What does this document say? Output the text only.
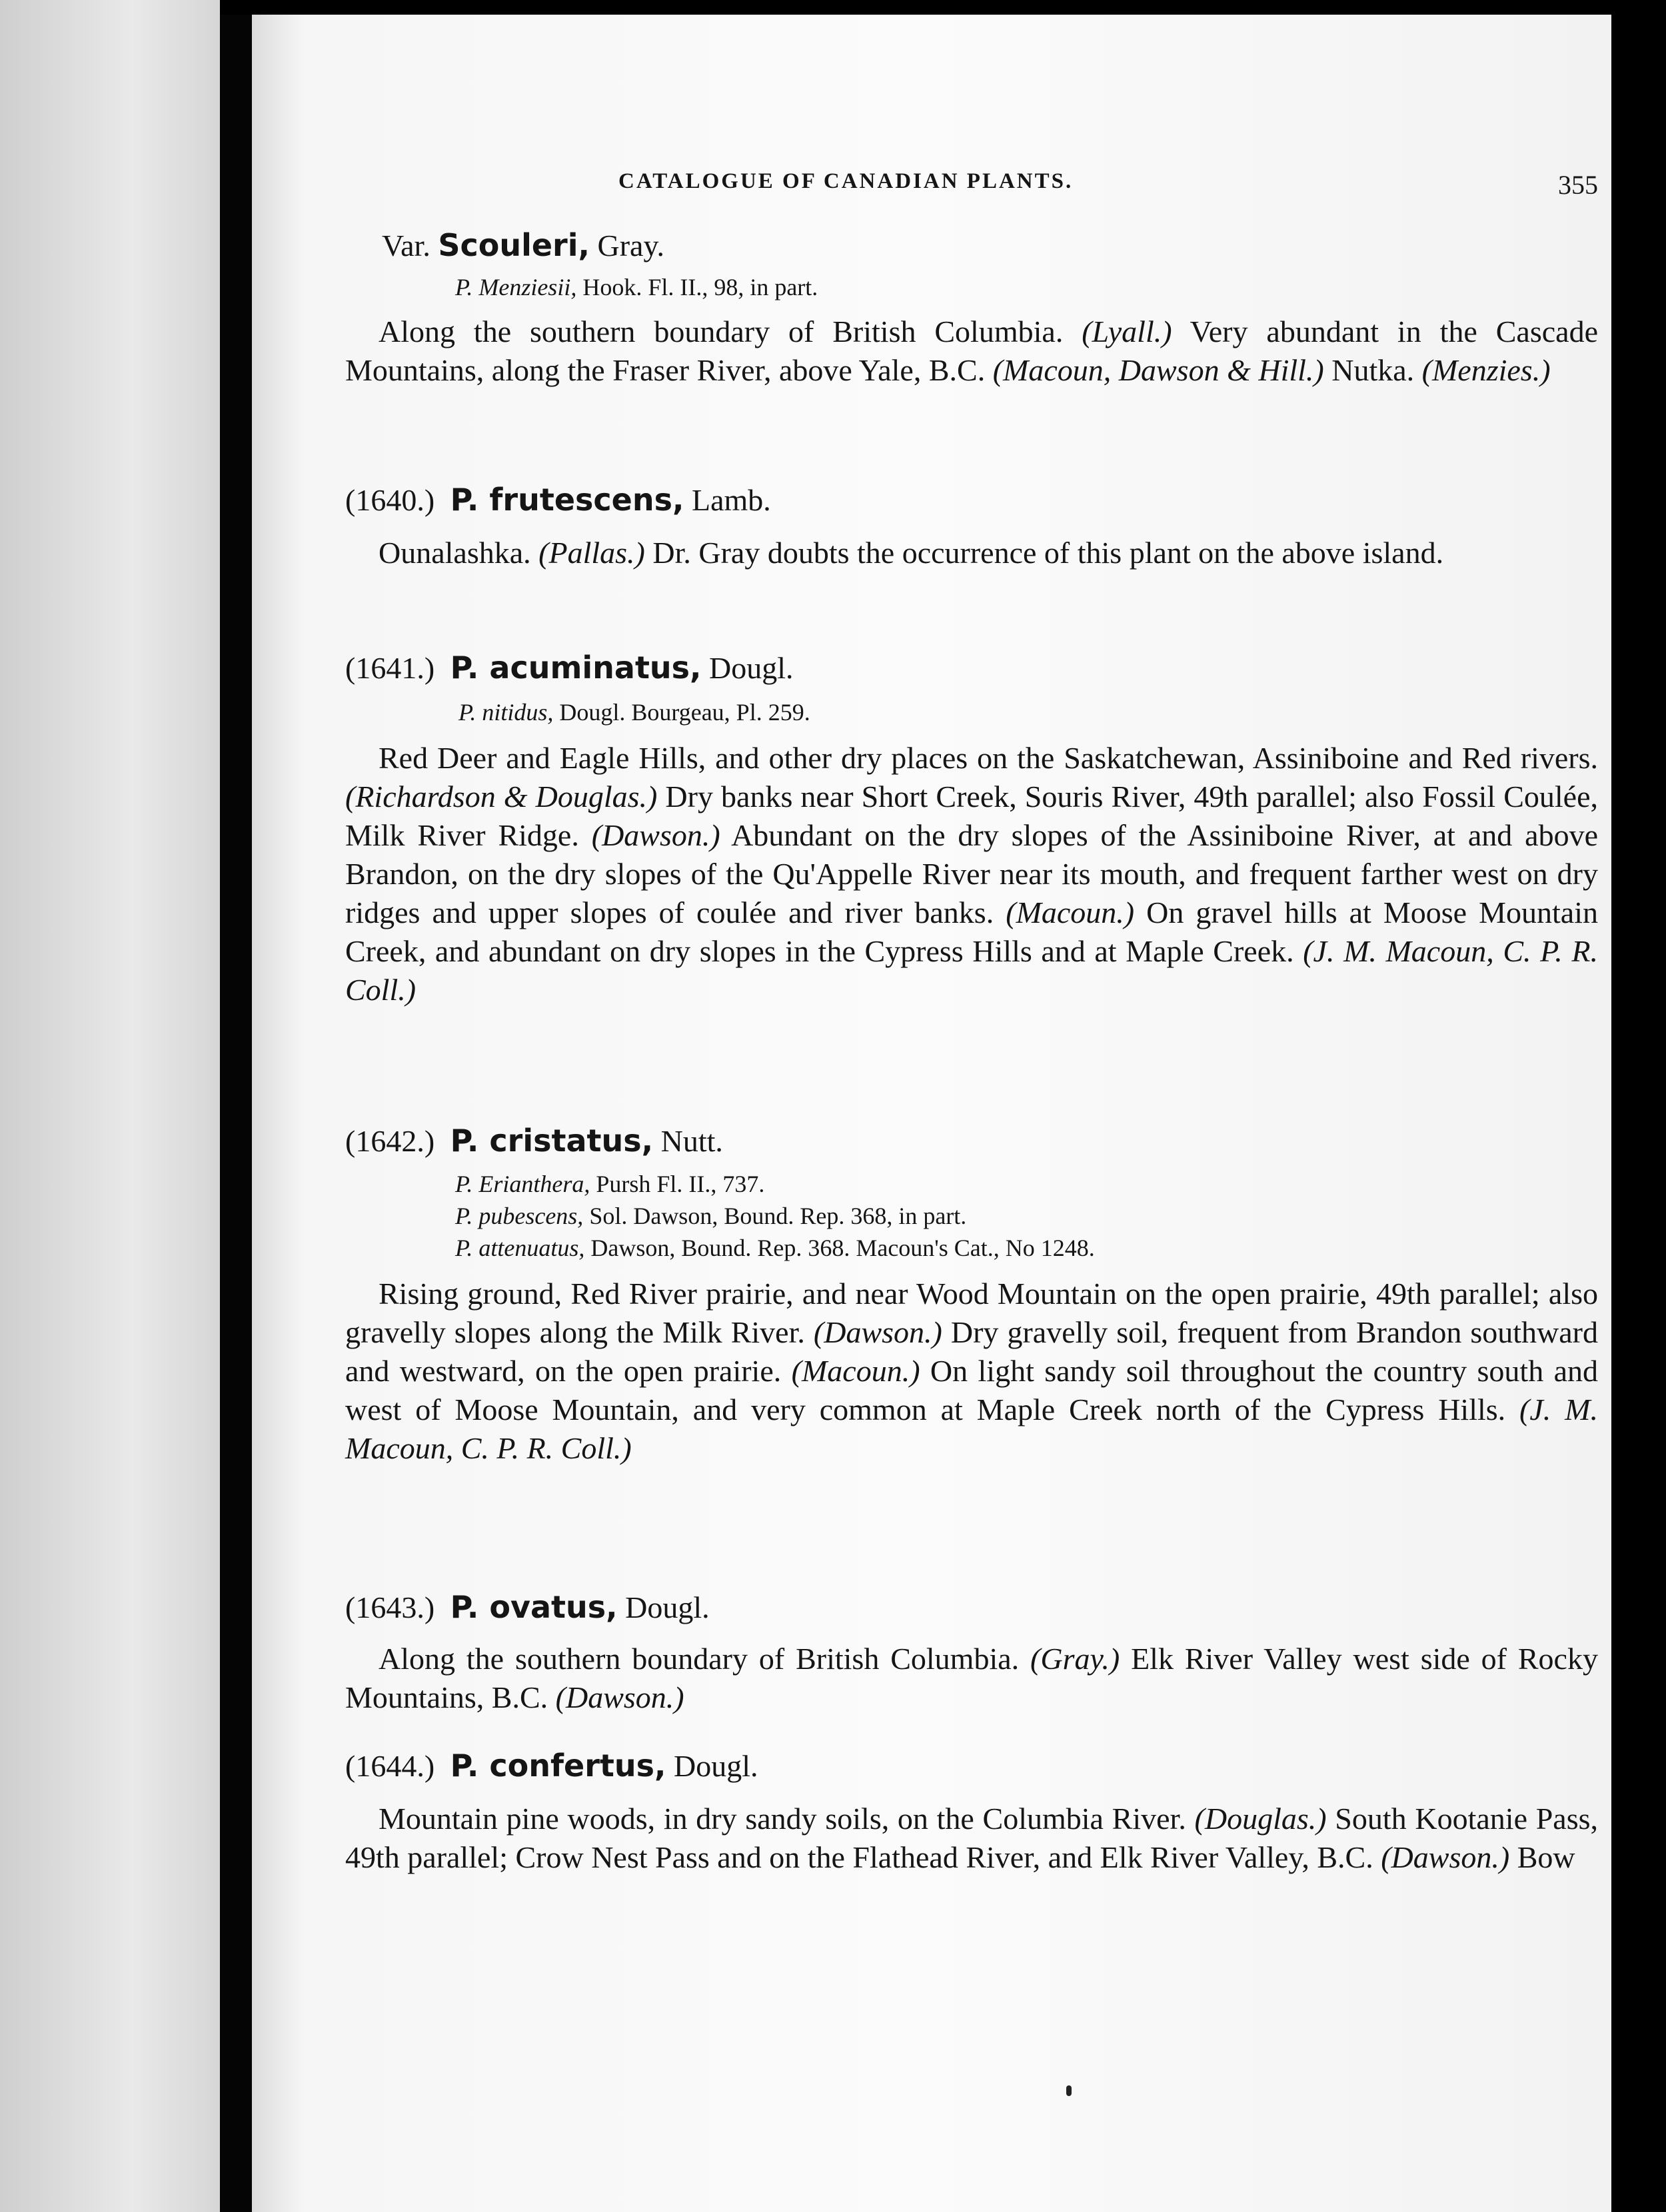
CATALOGUE OF CANADIAN PLANTS.	355
Var. Scouleri, Gray.
P. Menziesii, Hook. Fl. II., 98, in part.
Along the southern boundary of British Columbia. (Lyall.) Very abundant in the Cascade Mountains, along the Fraser River, above Yale, B.C. (Macoun, Dawson & Hill.) Nutka. (Menzies.)
(1640.) P. frutescens, Lamb.
Ounalashka. (Pallas.) Dr. Gray doubts the occurrence of this plant on the above island.
(1641.) P. acuminatus, Dougl.
P. nitidus, Dougl. Bourgeau, Pl. 259.
Red Deer and Eagle Hills, and other dry places on the Saskatchewan, Assiniboine and Red rivers. (Richardson & Douglas.) Dry banks near Short Creek, Souris River, 49th parallel; also Fossil Coulée, Milk River Ridge. (Dawson.) Abundant on the dry slopes of the Assiniboine River, at and above Brandon, on the dry slopes of the Qu'Appelle River near its mouth, and frequent farther west on dry ridges and upper slopes of coulée and river banks. (Macoun.) On gravel hills at Moose Mountain Creek, and abundant on dry slopes in the Cypress Hills and at Maple Creek. (J. M. Macoun, C. P. R. Coll.)
(1642.) P. cristatus, Nutt.
P. Erianthera, Pursh Fl. II., 737.
P. pubescens, Sol. Dawson, Bound. Rep. 368, in part.
P. attenuatus, Dawson, Bound. Rep. 368. Macoun's Cat., No 1248.
Rising ground, Red River prairie, and near Wood Mountain on the open prairie, 49th parallel; also gravelly slopes along the Milk River. (Dawson.) Dry gravelly soil, frequent from Brandon southward and westward, on the open prairie. (Macoun.) On light sandy soil throughout the country south and west of Moose Mountain, and very common at Maple Creek north of the Cypress Hills. (J. M. Macoun, C. P. R. Coll.)
(1643.) P. ovatus, Dougl.
Along the southern boundary of British Columbia. (Gray.) Elk River Valley west side of Rocky Mountains, B.C. (Dawson.)
(1644.) P. confertus, Dougl.
Mountain pine woods, in dry sandy soils, on the Columbia River. (Douglas.) South Kootanie Pass, 49th parallel; Crow Nest Pass and on the Flathead River, and Elk River Valley, B.C. (Dawson.) Bow
